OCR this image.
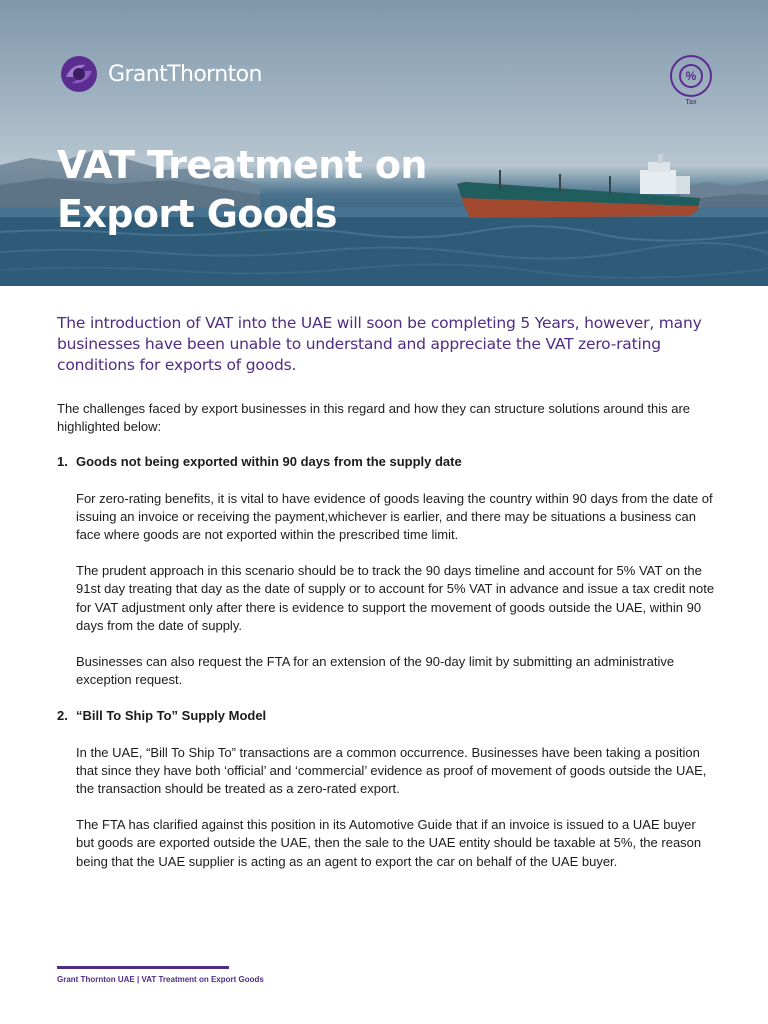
GrantThornton	%
Tax
VAT Treatment on
Export Goods

The introduction of VAT into the UAE will soon be completing 5 Years, however, many businesses have been unable to understand and appreciate the VAT zero-rating conditions for exports of goods.

The challenges faced by export businesses in this regard and how they can structure solutions around this are highlighted below:

1. Goods not being exported within 90 days from the supply date

For zero-rating benefits, it is vital to have evidence of goods leaving the country within 90 days from the date of issuing an invoice or receiving the payment,whichever is earlier, and there may be situations a business can face where goods are not exported within the prescribed time limit.

The prudent approach in this scenario should be to track the 90 days timeline and account for 5% VAT on the 91st day treating that day as the date of supply or to account for 5% VAT in advance and issue a tax credit note for VAT adjustment only after there is evidence to support the movement of goods outside the UAE, within 90 days from the date of supply.

Businesses can also request the FTA for an extension of the 90-day limit by submitting an administrative exception request.

2. “Bill To Ship To” Supply Model

In the UAE, “Bill To Ship To” transactions are a common occurrence. Businesses have been taking a position that since they have both ‘official’ and ‘commercial’ evidence as proof of movement of goods outside the UAE, the transaction should be treated as a zero-rated export.

The FTA has clarified against this position in its Automotive Guide that if an invoice is issued to a UAE buyer but goods are exported outside the UAE, then the sale to the UAE entity should be taxable at 5%, the reason being that the UAE supplier is acting as an agent to export the car on behalf of the UAE buyer.

Grant Thornton UAE | VAT Treatment on Export Goods
